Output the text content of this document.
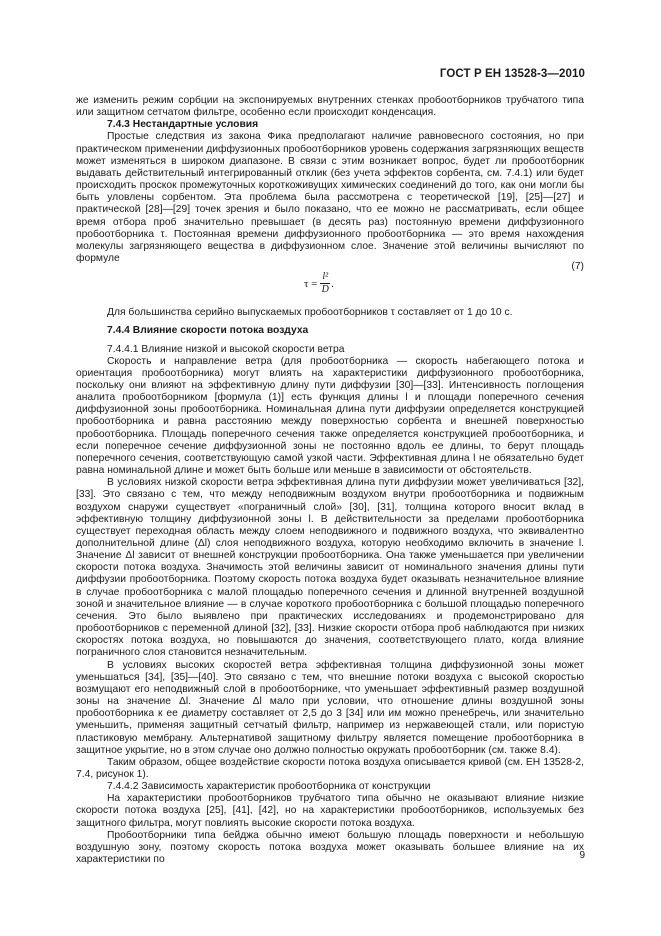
ГОСТ Р ЕН 13528-3—2010

же изменить режим сорбции на экспонируемых внутренних стенках пробоотборников трубчатого типа или защитном сетчатом фильтре, особенно если происходит конденсация.

7.4.3 Нестандартные условия

Простые следствия из закона Фика предполагают наличие равновесного состояния, но при практическом применении диффузионных пробоотборников уровень содержания загрязняющих веществ может изменяться в широком диапазоне. В связи с этим возникает вопрос, будет ли пробоотборник выдавать действительный интегрированный отклик (без учета эффектов сорбента, см. 7.4.1) или будет происходить проскок промежуточных короткоживущих химических соединений до того, как они могли бы быть уловлены сорбентом. Эта проблема была рассмотрена с теоретической [19], [25]—[27] и практической [28]—[29] точек зрения и было показано, что ее можно не рассматривать, если общее время отбора проб значительно превышает (в десять раз) постоянную времени диффузионного пробоотборника τ. Постоянная времени диффузионного пробоотборника — это время нахождения молекулы загрязняющего вещества в диффузионном слое. Значение этой величины вычисляют по формуле

$\tau = \frac{\text{l²}}{D}$ .
(7)

Для большинства серийно выпускаемых пробоотборников τ составляет от 1 до 10 с.

7.4.4 Влияние скорости потока воздуха

7.4.4.1 Влияние низкой и высокой скорости ветра

Скорость и направление ветра (для пробоотборника — скорость набегающего потока и ориентация пробоотборника) могут влиять на характеристики диффузионного пробоотборника, поскольку они влияют на эффективную длину пути диффузии [30]—[33]. Интенсивность поглощения аналита пробоотборником [формула (1)] есть функция длины l и площади поперечного сечения диффузионной зоны пробоотборника. Номинальная длина пути диффузии определяется конструкцией пробоотборника и равна расстоянию между поверхностью сорбента и внешней поверхностью пробоотборника. Площадь поперечного сечения также определяется конструкцией пробоотборника, и если поперечное сечение диффузионной зоны не постоянно вдоль ее длины, то берут площадь поперечного сечения, соответствующую самой узкой части. Эффективная длина l не обязательно будет равна номинальной длине и может быть больше или меньше в зависимости от обстоятельств.

В условиях низкой скорости ветра эффективная длина пути диффузии может увеличиваться [32], [33]. Это связано с тем, что между неподвижным воздухом внутри пробоотборника и подвижным воздухом снаружи существует «пограничный слой» [30], [31], толщина которого вносит вклад в эффективную толщину диффузионной зоны l. В действительности за пределами пробоотборника существует переходная область между слоем неподвижного и подвижного воздуха, что эквивалентно дополнительной длине (Δl) слоя неподвижного воздуха, которую необходимо включить в значение l. Значение Δl зависит от внешней конструкции пробоотборника. Она также уменьшается при увеличении скорости потока воздуха. Значимость этой величины зависит от номинального значения длины пути диффузии пробоотборника. Поэтому скорость потока воздуха будет оказывать незначительное влияние в случае пробоотборника с малой площадью поперечного сечения и длинной внутренней воздушной зоной и значительное влияние — в случае короткого пробоотборника с большой площадью поперечного сечения. Это было выявлено при практических исследованиях и продемонстрировано для пробоотборников с переменной длиной [32], [33]. Низкие скорости отбора проб наблюдаются при низких скоростях потока воздуха, но повышаются до значения, соответствующего плато, когда влияние пограничного слоя становится незначительным.

В условиях высоких скоростей ветра эффективная толщина диффузионной зоны может уменьшаться [34], [35]—[40]. Это связано с тем, что внешние потоки воздуха с высокой скоростью возмущают его неподвижный слой в пробоотборнике, что уменьшает эффективный размер воздушной зоны на значение Δl. Значение Δl мало при условии, что отношение длины воздушной зоны пробоотборника к ее диаметру составляет от 2,5 до 3 [34] или им можно пренебречь, или значительно уменьшить, применяя защитный сетчатый фильтр, например из нержавеющей стали, или пористую пластиковую мембрану. Альтернативой защитному фильтру является помещение пробоотборника в защитное укрытие, но в этом случае оно должно полностью окружать пробоотборник (см. также 8.4).

Таким образом, общее воздействие скорости потока воздуха описывается кривой (см. ЕН 13528-2, 7.4, рисунок 1).

7.4.4.2 Зависимость характеристик пробоотборника от конструкции

На характеристики пробоотборников трубчатого типа обычно не оказывают влияние низкие скорости потока воздуха [25], [41], [42], но на характеристики пробоотборников, используемых без защитного фильтра, могут повлиять высокие скорости потока воздуха.

Пробоотборники типа бейджа обычно имеют большую площадь поверхности и небольшую воздушную зону, поэтому скорость потока воздуха может оказывать большее влияние на их характеристики по	9
